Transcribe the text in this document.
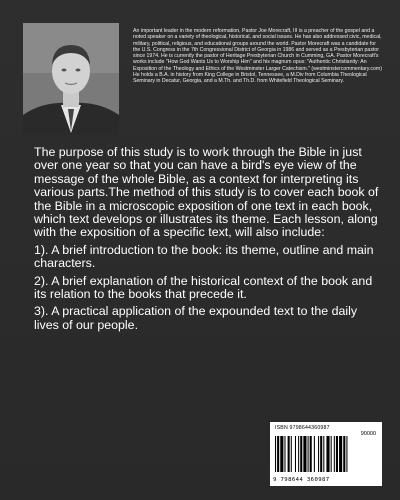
An important leader in the modern reformation, Pastor Joe Morecraft, III is a preacher of the gospel and a noted speaker on a variety of theological, historical, and social issues. He has also addressed civic, medical, military, political, religious, and educational groups around the world. Pastor Morecraft was a candidate for the U.S. Congress in the 7th Congressional District of Georgia in 1986 and served as a Presbyterian pastor since 1974. He is currently the pastor of Heritage Presbyterian Church in Cumming, GA. Pastor Morecraft's works include "How God Wants Us to Worship Him" and his magnum opus: "Authentic Christianity: An Exposition of the Theology and Ethics of the Westminster Larger Catechism." (westminstercommentary.com) He holds a B.A. in history from King College in Bristol, Tennessee, a M.Div from Columbia Theological Seminary in Decatur, Georgia, and a M.Th. and Th.D. from Whitefield Theological Seminary.

The purpose of this study is to work through the Bible in just over one year so that you can have a bird's eye view of the message of the whole Bible, as a context for interpreting its various parts.The method of this study is to cover each book of the Bible in a microscopic exposition of one text in each book, which text develops or illustrates its theme. Each lesson, along with the exposition of a specific text, will also include:

1). A brief introduction to the book: its theme, outline and main characters.

2). A brief explanation of the historical context of the book and its relation to the books that precede it.

3). A practical application of the expounded text to the daily lives of our people.

ISBN 9798644360987
90000
9 798644 360987
